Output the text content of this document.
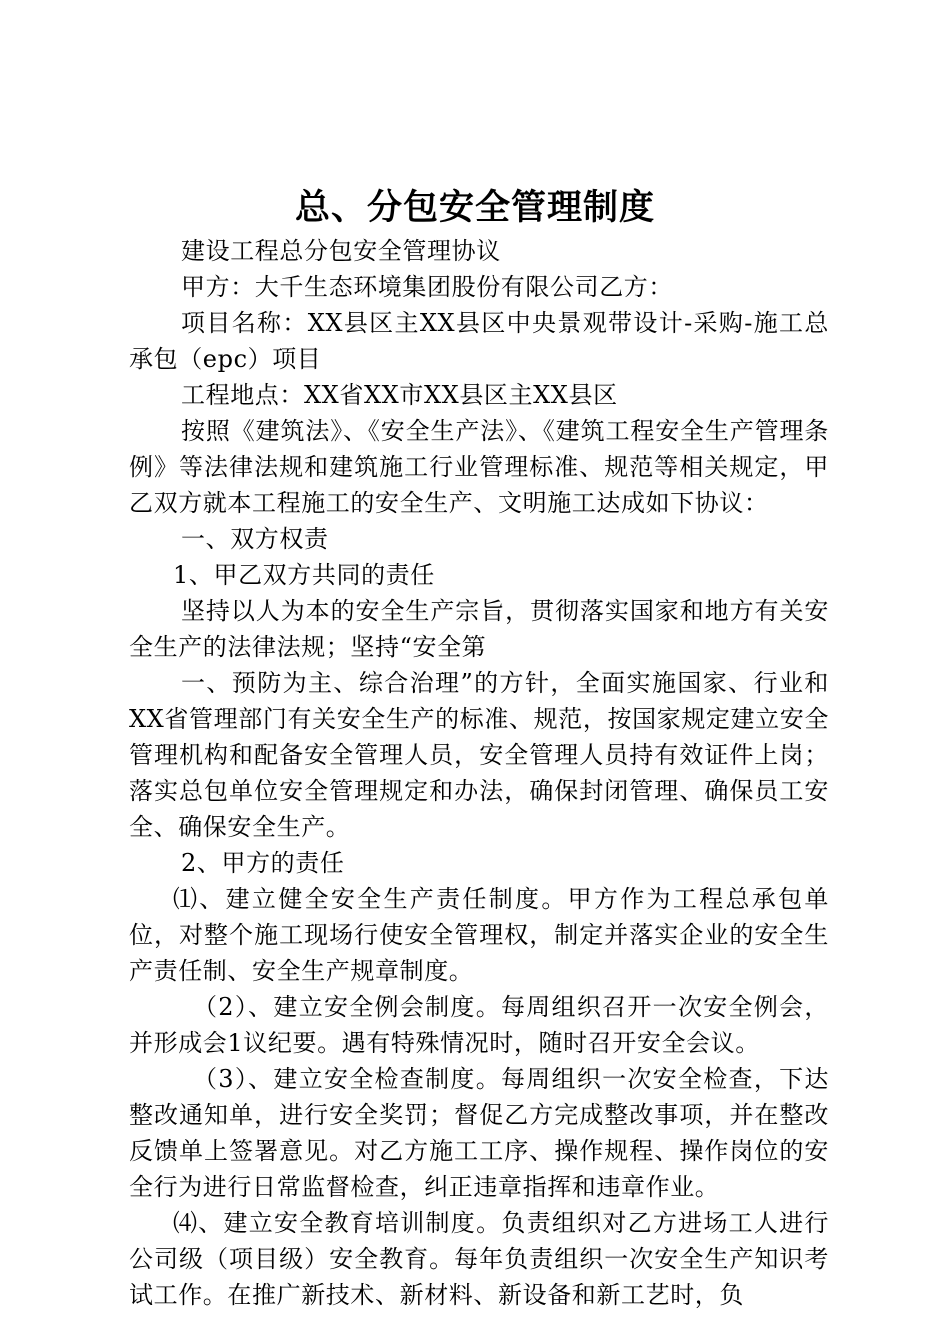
总、分包安全管理制度

建设工程总分包安全管理协议

甲方：大千生态环境集团股份有限公司乙方：

项目名称：XX县区主XX县区中央景观带设计-采购-施工总承包（epc）项目

工程地点：XX省XX市XX县区主XX县区

按照《建筑法》、《安全生产法》、《建筑工程安全生产管理条例》等法律法规和建筑施工行业管理标准、规范等相关规定，甲乙双方就本工程施工的安全生产、文明施工达成如下协议：

一、双方权责

1、甲乙双方共同的责任

坚持以人为本的安全生产宗旨，贯彻落实国家和地方有关安全生产的法律法规；坚持“安全第

一、预防为主、综合治理”的方针，全面实施国家、行业和XX省管理部门有关安全生产的标准、规范，按国家规定建立安全管理机构和配备安全管理人员，安全管理人员持有效证件上岗；落实总包单位安全管理规定和办法，确保封闭管理、确保员工安全、确保安全生产。

2、甲方的责任

⑴、建立健全安全生产责任制度。甲方作为工程总承包单位，对整个施工现场行使安全管理权，制定并落实企业的安全生产责任制、安全生产规章制度。

（2）、建立安全例会制度。每周组织召开一次安全例会，并形成会1议纪要。遇有特殊情况时，随时召开安全会议。

（3）、建立安全检查制度。每周组织一次安全检查，下达整改通知单，进行安全奖罚；督促乙方完成整改事项，并在整改反馈单上签署意见。对乙方施工工序、操作规程、操作岗位的安全行为进行日常监督检查，纠正违章指挥和违章作业。

⑷、建立安全教育培训制度。负责组织对乙方进场工人进行公司级（项目级）安全教育。每年负责组织一次安全生产知识考试工作。在推广新技术、新材料、新设备和新工艺时，负
